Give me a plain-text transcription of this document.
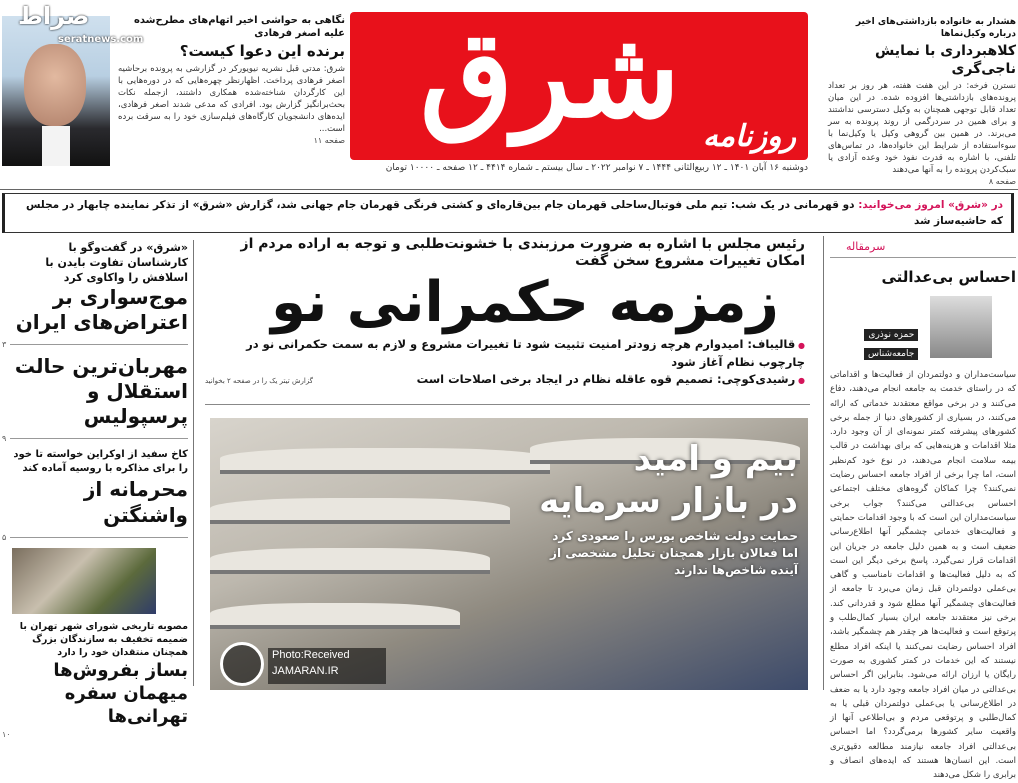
صراط
seratnews.com
نگاهی به حواشی اخیر اتهام‌های مطرح‌شده علیه اصغر فرهادی
برنده این دعوا کیست؟
شرق: مدتی قبل نشریه نیویورکر در گزارشی به پرونده برحاشیه اصغر فرهادی پرداخت. اظهارنظر چهره‌هایی که در دوره‌هایی با این کارگردان شناخته‌شده همکاری داشتند، ازجمله نکات بحث‌برانگیز گزارش بود. افرادی که مدعی شدند اصغر فرهادی، ایده‌های دانشجویان کارگاه‌های فیلم‌سازی خود را به سرقت برده است...
صفحه ۱۱ شرق روزنامه
دوشنبه ۱۶ آبان ۱۴۰۱ ـ ۱۲ ربیع‌الثانی ۱۴۴۴ ـ ۷ نوامبر ۲۰۲۲ ـ سال بیستم ـ شماره ۴۴۱۴ ـ ۱۲ صفحه ـ ۱۰۰۰۰ تومان
هشدار به خانواده بازداشتی‌های اخیر درباره وکیل‌نماها
کلاهبرداری با نمایش ناجی‌گری
نسترن فرخه: در این هفت هفته، هر روز بر تعداد پرونده‌های بازداشتی‌ها افزوده شده. در این میان تعداد قابل توجهی همچنان به وکیل دسترسی نداشتند و برای همین در سردرگمی از روند پرونده به سر می‌برند. در همین بین گروهی وکیل یا وکیل‌نما با سوءاستفاده از شرایط این خانواده‌ها، در تماس‌های تلفنی، با اشاره به قدرت نفوذ خود وعده آزادی یا سبک‌کردن پرونده را به آنها می‌دهند
صفحه ۸
در «شرق» امروز می‌خوانید: دو قهرمانی در یک شب: تیم ملی فوتبال‌ساحلی قهرمان جام بین‌قاره‌ای و کشتی فرنگی قهرمان جام جهانی شد، گزارش «شرق» از تذکر نماینده چابهار در مجلس که حاشیه‌ساز شد
«شرق» در گفت‌وگو با کارشناسان تفاوت بایدن با اسلافش را واکاوی کرد
موج‌سواری بر اعتراض‌های ایران
۳
مهربان‌ترین حالت استقلال و پرسپولیس
۹
کاخ سفید از اوکراین خواسته تا خود را برای مذاکره با روسیه آماده کند
محرمانه از واشنگتن
۵
مصوبه تاریخی شورای شهر تهران با ضمیمه تخفیف به سازندگان بزرگ همچنان منتقدان خود را دارد
بساز بفروش‌ها میهمان سفره تهرانی‌ها
۱۰
رئیس مجلس با اشاره به ضرورت مرزبندی با خشونت‌طلبی و توجه به اراده مردم از امکان تغییرات مشروع سخن گفت
زمزمه حکمرانی نو
● قالیباف: امیدوارم هرچه زودتر امنیت تثبیت شود تا تغییرات مشروع و لازم به سمت حکمرانی نو در چارچوب نظام آغاز شود
● رشیدی‌کوچی: تصمیم قوه عاقله نظام در ایجاد برخی اصلاحات است
گزارش تیتر یک را در صفحه ۲ بخوانید
بیم و امید
در بازار سرمایه
حمایت دولت شاخص بورس را صعودی کرد اما فعالان بازار همچنان تحلیل مشخصی از آینده شاخص‌ها ندارند
سرمقاله
احساس بی‌عدالتی
حمزه نوذری
جامعه‌شناس
سیاست‌مداران و دولتمردان از فعالیت‌ها و اقداماتی که در راستای خدمت به جامعه انجام می‌دهند، دفاع می‌کنند و در برخی مواقع معتقدند خدماتی که ارائه می‌کنند، در بسیاری از کشورهای دنیا از جمله برخی کشورهای پیشرفته کمتر نمونه‌ای از آن وجود دارد. مثلا اقدامات و هزینه‌هایی که برای بهداشت در قالب بیمه سلامت انجام می‌دهند، در نوع خود کم‌نظیر است، اما چرا برخی از افراد جامعه احساس رضایت نمی‌کنند؟ چرا کماکان گروه‌های مختلف اجتماعی احساس بی‌عدالتی می‌کنند؟ جواب برخی سیاست‌مداران این است که با وجود اقدامات حمایتی و فعالیت‌های خدماتی چشمگیر آنها اطلاع‌رسانی ضعیف است و به همین دلیل جامعه در جریان این اقدامات قرار نمی‌گیرد. پاسخ برخی دیگر این است که به دلیل فعالیت‌ها و اقدامات نامناسب و گاهی بی‌عملی دولتمردان قبل زمان می‌برد تا جامعه از فعالیت‌های چشمگیر آنها مطلع شود و قدردانی کند. برخی نیز معتقدند جامعه ایران بسیار کمال‌طلب و پرتوقع است و فعالیت‌ها هر چقدر هم چشمگیر باشد، افراد احساس رضایت نمی‌کنند یا اینکه افراد مطلع نیستند که این خدمات در کمتر کشوری به صورت رایگان یا ارزان ارائه می‌شود. بنابراین اگر احساس بی‌عدالتی در میان افراد جامعه وجود دارد یا به ضعف در اطلاع‌رسانی یا بی‌عملی دولتمردان قبلی یا به کمال‌طلبی و پرتوقعی مردم و بی‌اطلاعی آنها از واقعیت سایر کشورها برمی‌گردد؟ اما احساس بی‌عدالتی افراد جامعه نیازمند مطالعه دقیق‌تری است. این انسان‌ها هستند که ایده‌های انصاف و برابری را شکل می‌دهند
Photo:Received
JAMARAN.IR
